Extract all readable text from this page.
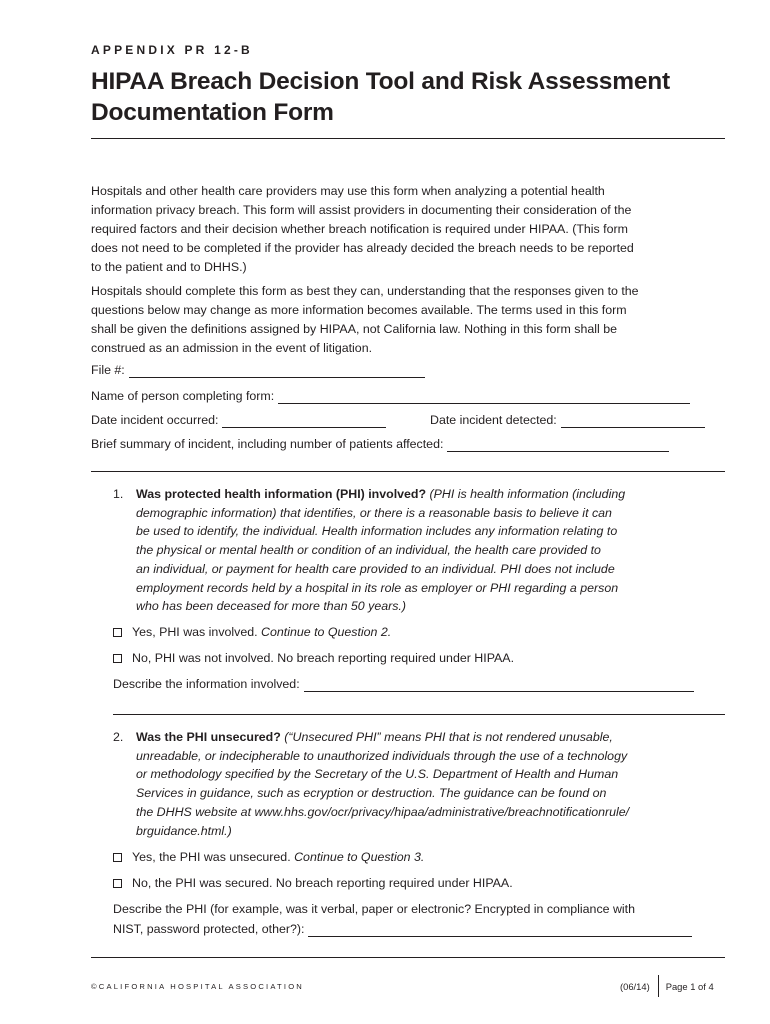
APPENDIX PR 12-B
HIPAA Breach Decision Tool and Risk Assessment
Documentation Form
Hospitals and other health care providers may use this form when analyzing a potential health
information privacy breach. This form will assist providers in documenting their consideration of the
required factors and their decision whether breach notification is required under HIPAA. (This form
does not need to be completed if the provider has already decided the breach needs to be reported
to the patient and to DHHS.)
Hospitals should complete this form as best they can, understanding that the responses given to the
questions below may change as more information becomes available. The terms used in this form
shall be given the definitions assigned by HIPAA, not California law. Nothing in this form shall be
construed as an admission in the event of litigation.
File #:
Name of person completing form:
Date incident occurred:	Date incident detected:
Brief summary of incident, including number of patients affected:
1. Was protected health information (PHI) involved? (PHI is health information (including
demographic information) that identifies, or there is a reasonable basis to believe it can
be used to identify, the individual. Health information includes any information relating to
the physical or mental health or condition of an individual, the health care provided to
an individual, or payment for health care provided to an individual. PHI does not include
employment records held by a hospital in its role as employer or PHI regarding a person
who has been deceased for more than 50 years.)
Yes, PHI was involved.
Continue to Question 2.
No, PHI was not involved. No breach reporting required under HIPAA.
Describe the information involved:
2. Was the PHI unsecured? (“Unsecured PHI” means PHI that is not rendered unusable,
unreadable, or indecipherable to unauthorized individuals through the use of a technology
or methodology specified by the Secretary of the U.S. Department of Health and Human
Services in guidance, such as ecryption or destruction. The guidance can be found on
the DHHS website at www.hhs.gov/ocr/privacy/hipaa/administrative/breachnotificationrule/
brguidance.html.)
Yes, the PHI was unsecured.
Continue to Question 3.
No, the PHI was secured. No breach reporting required under HIPAA.
Describe the PHI (for example, was it verbal, paper or electronic? Encrypted in compliance with
NIST, password protected, other?):
©CALIFORNIA HOSPITAL ASSOCIATION	(06/14) Page 1 of 4
